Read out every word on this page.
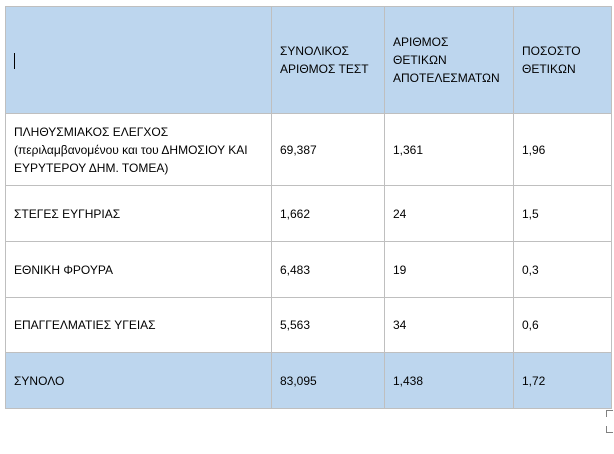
	ΣΥΝΟΛΙΚΟΣ ΑΡΙΘΜΟΣ ΤΕΣΤ	ΑΡΙΘΜΟΣ ΘΕΤΙΚΩΝ ΑΠΟΤΕΛΕΣΜΑΤΩΝ	ΠΟΣΟΣΤΟ ΘΕΤΙΚΩΝ
ΠΛΗΘΥΣΜΙΑΚΟΣ ΕΛΕΓΧΟΣ (περιλαμβανομένου και του ΔΗΜΟΣΙΟΥ ΚΑΙ ΕΥΡΥΤΕΡΟΥ ΔΗΜ. ΤΟΜΕΑ)	69,387	1,361	1,96
ΣΤΕΓΕΣ ΕΥΓΗΡΙΑΣ	1,662	24	1,5
ΕΘΝΙΚΗ ΦΡΟΥΡΑ	6,483	19	0,3
ΕΠΑΓΓΕΛΜΑΤΙΕΣ ΥΓΕΙΑΣ	5,563	34	0,6
ΣΥΝΟΛΟ	83,095	1,438	1,72
